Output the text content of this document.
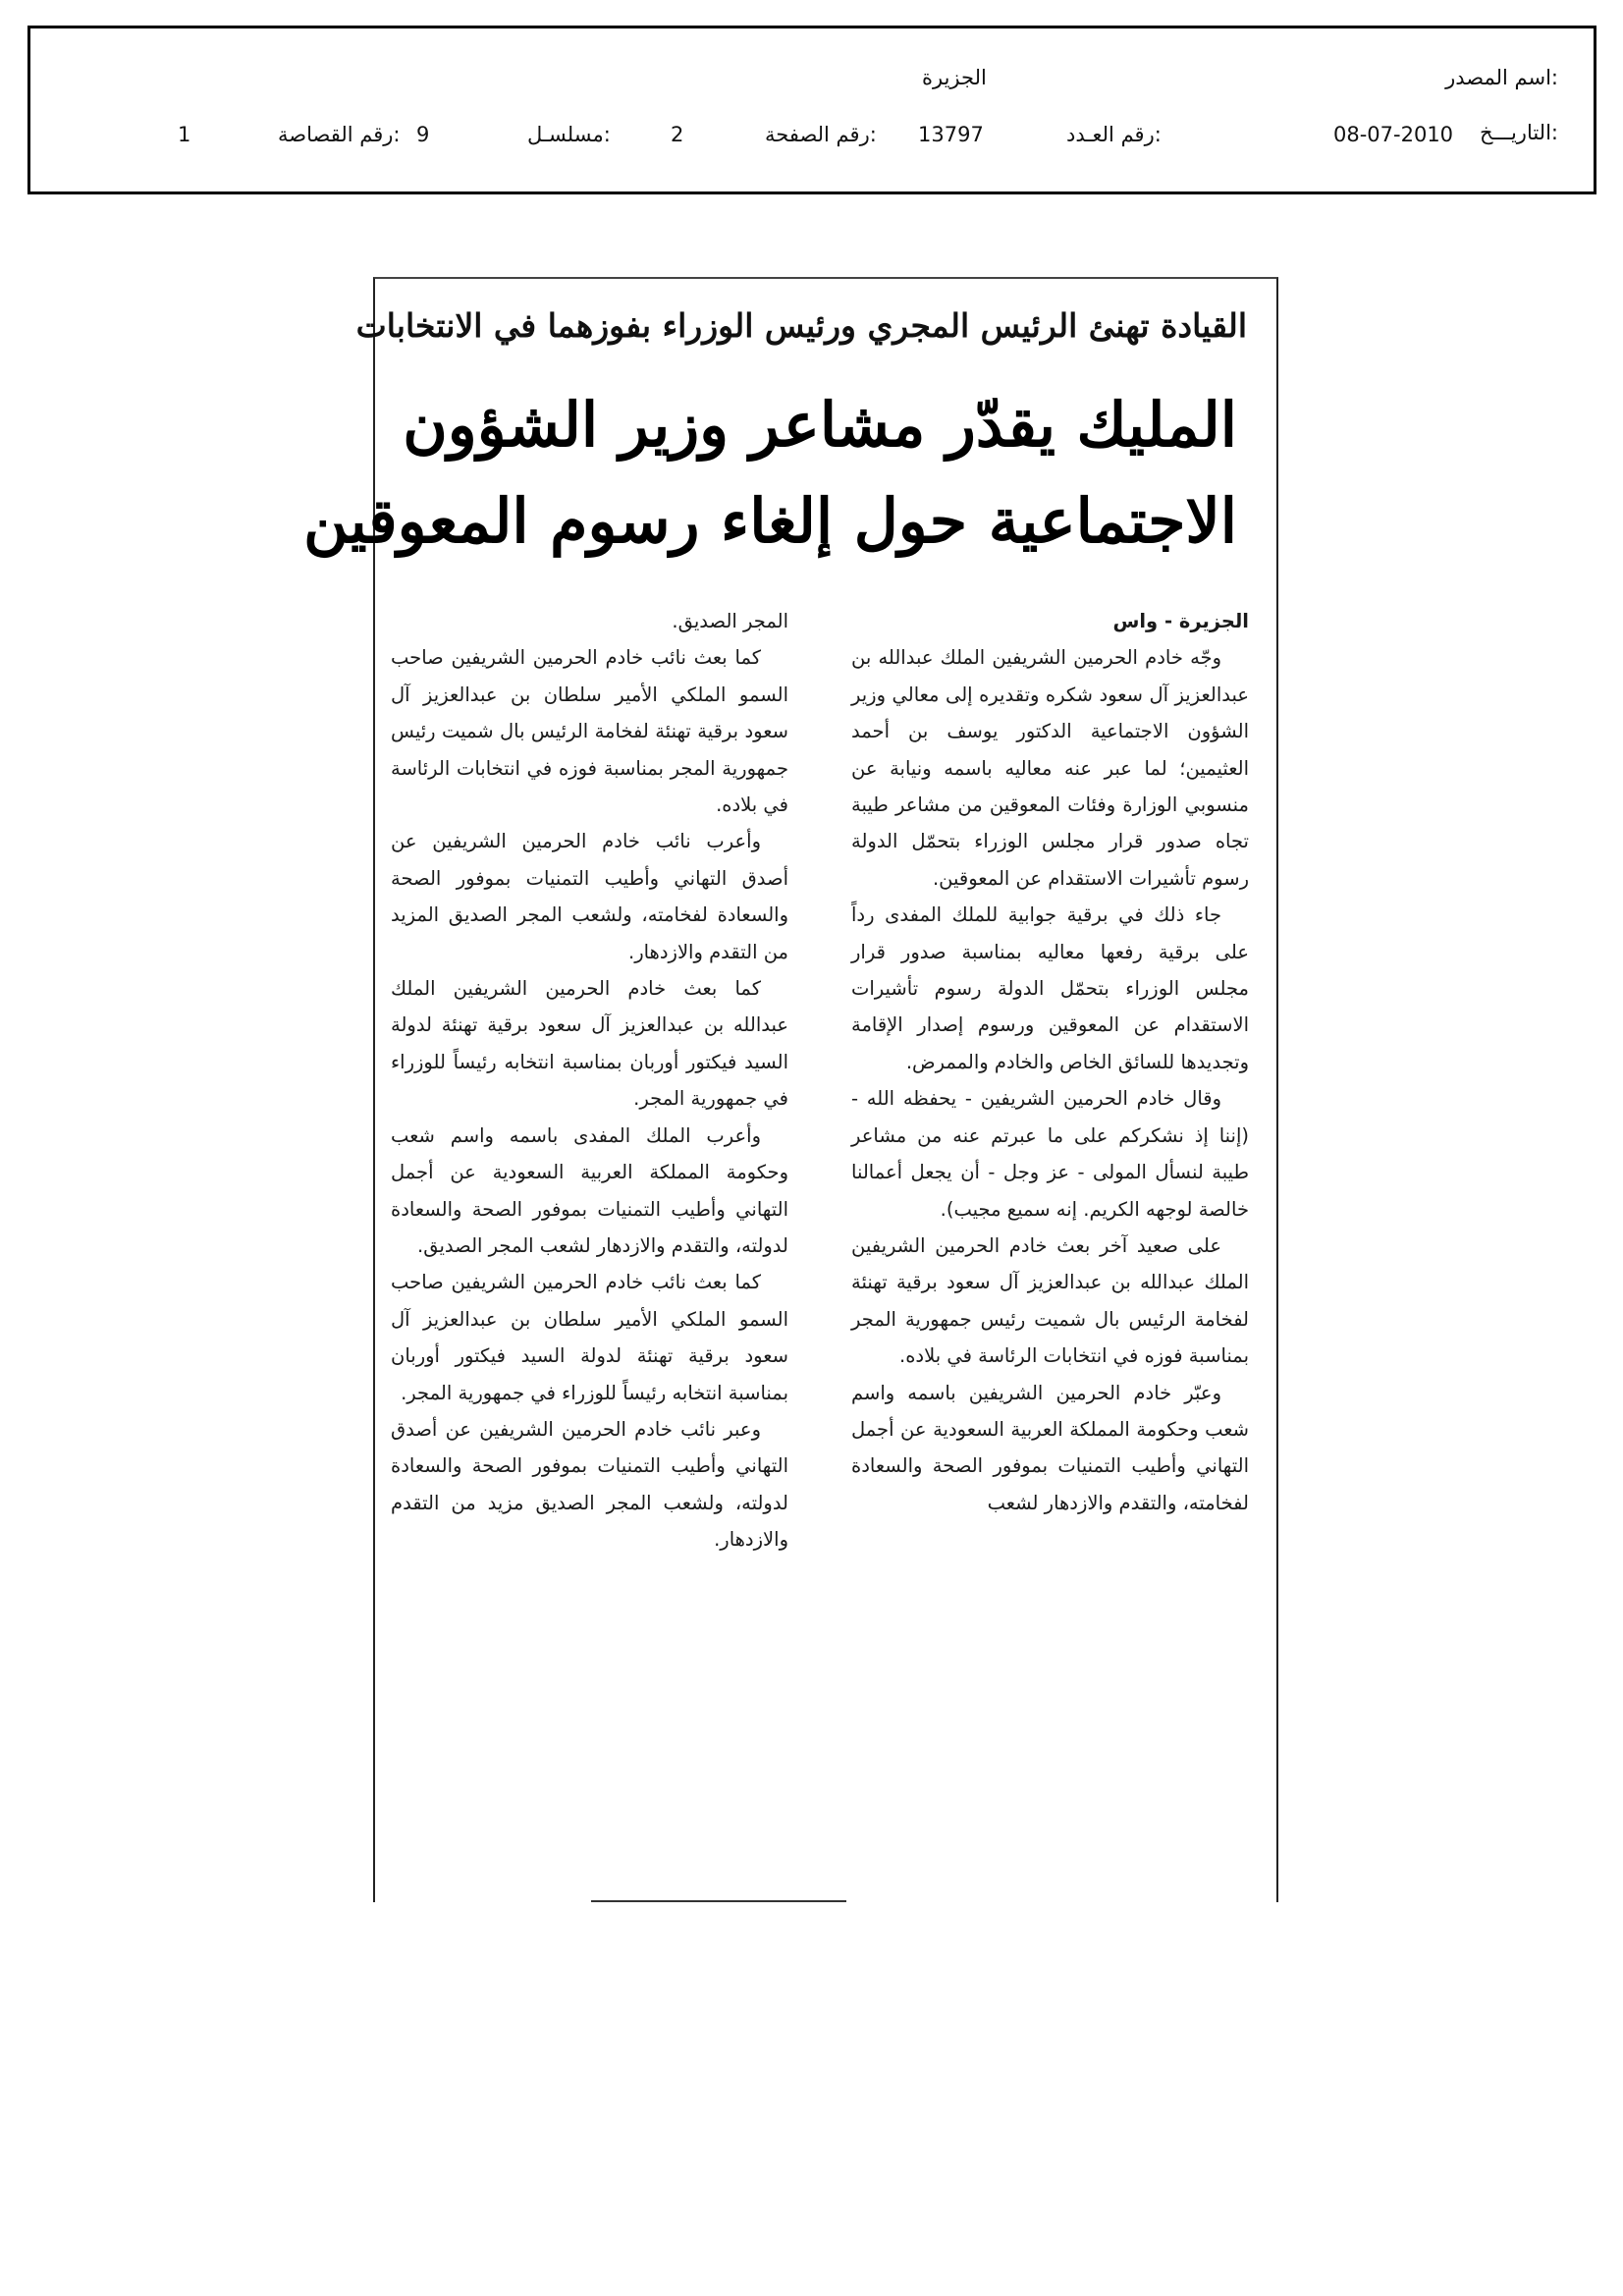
اسم المصدر:
الجزيرة
التاريـــخ:
08-07-2010
رقم العـدد:
13797
رقم الصفحة:
2
مسلسـل:
9
رقم القصاصة:
1
القيادة تهنئ الرئيس المجري ورئيس الوزراء بفوزهما في الانتخابات
المليك يقدّر مشاعر وزير الشؤون
الاجتماعية حول إلغاء رسوم المعوقين
الجزيرة - واس

وجّه خادم الحرمين الشريفين الملك عبدالله بن عبدالعزيز آل سعود شكره وتقديره إلى معالي وزير الشؤون الاجتماعية الدكتور يوسف بن أحمد العثيمين؛ لما عبر عنه معاليه باسمه ونيابة عن منسوبي الوزارة وفئات المعوقين من مشاعر طيبة تجاه صدور قرار مجلس الوزراء بتحمّل الدولة رسوم تأشيرات الاستقدام عن المعوقين.

جاء ذلك في برقية جوابية للملك المفدى رداً على برقية رفعها معاليه بمناسبة صدور قرار مجلس الوزراء بتحمّل الدولة رسوم تأشيرات الاستقدام عن المعوقين ورسوم إصدار الإقامة وتجديدها للسائق الخاص والخادم والممرض.

وقال خادم الحرمين الشريفين - يحفظه الله - (إننا إذ نشكركم على ما عبرتم عنه من مشاعر طيبة لنسأل المولى - عز وجل - أن يجعل أعمالنا خالصة لوجهه الكريم. إنه سميع مجيب).

على صعيد آخر بعث خادم الحرمين الشريفين الملك عبدالله بن عبدالعزيز آل سعود برقية تهنئة لفخامة الرئيس بال شميت رئيس جمهورية المجر بمناسبة فوزه في انتخابات الرئاسة في بلاده.

وعبّر خادم الحرمين الشريفين باسمه واسم شعب وحكومة المملكة العربية السعودية عن أجمل التهاني وأطيب التمنيات بموفور الصحة والسعادة لفخامته، والتقدم والازدهار لشعب

المجر الصديق.

كما بعث نائب خادم الحرمين الشريفين صاحب السمو الملكي الأمير سلطان بن عبدالعزيز آل سعود برقية تهنئة لفخامة الرئيس بال شميت رئيس جمهورية المجر بمناسبة فوزه في انتخابات الرئاسة في بلاده.

وأعرب نائب خادم الحرمين الشريفين عن أصدق التهاني وأطيب التمنيات بموفور الصحة والسعادة لفخامته، ولشعب المجر الصديق المزيد من التقدم والازدهار.

كما بعث خادم الحرمين الشريفين الملك عبدالله بن عبدالعزيز آل سعود برقية تهنئة لدولة السيد فيكتور أوربان بمناسبة انتخابه رئيساً للوزراء في جمهورية المجر.

وأعرب الملك المفدى باسمه واسم شعب وحكومة المملكة العربية السعودية عن أجمل التهاني وأطيب التمنيات بموفور الصحة والسعادة لدولته، والتقدم والازدهار لشعب المجر الصديق.

كما بعث نائب خادم الحرمين الشريفين صاحب السمو الملكي الأمير سلطان بن عبدالعزيز آل سعود برقية تهنئة لدولة السيد فيكتور أوربان بمناسبة انتخابه رئيساً للوزراء في جمهورية المجر.

وعبر نائب خادم الحرمين الشريفين عن أصدق التهاني وأطيب التمنيات بموفور الصحة والسعادة لدولته، ولشعب المجر الصديق مزيد من التقدم والازدهار.
